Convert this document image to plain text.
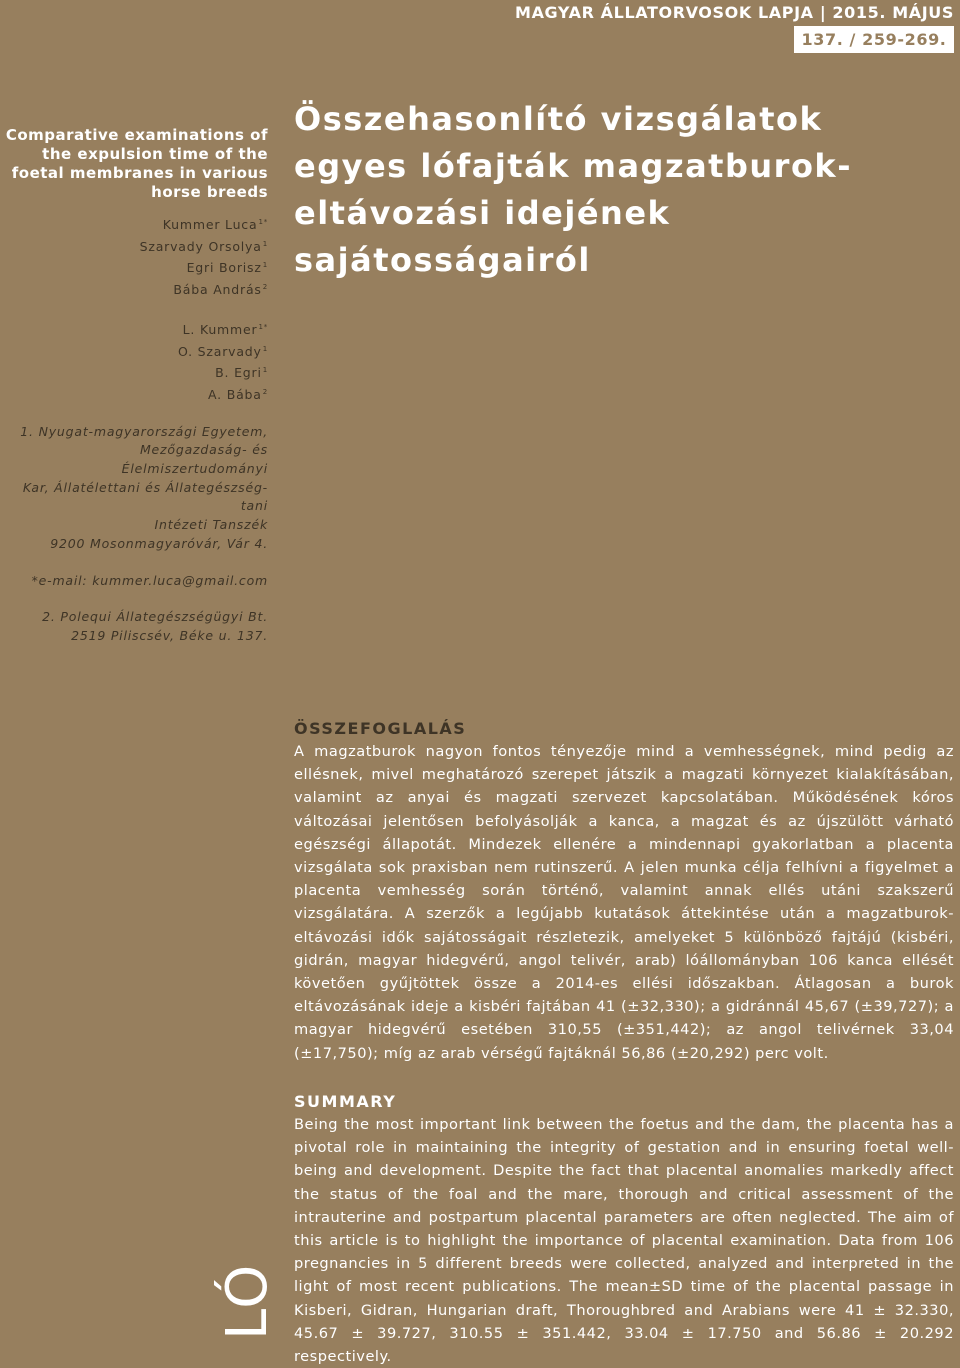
MAGYAR ÁLLATORVOSOK LAPJA | 2015. MÁJUS
137. / 259-269.
Comparative examinations of the expulsion time of the foetal membranes in various horse breeds
Kummer Luca$^{1*}$
Szarvady Orsolya$^1$
Egri Borisz$^1$
Bába András$^2$
L. Kummer$^{1*}$
O. Szarvady$^1$
B. Egri$^1$
A. Bába$^2$
1. Nyugat-magyarországi Egyetem,
Mezőgazdaság- és Élelmiszertudományi
Kar, Állatélettani és Állategészség-tani
Intézeti Tanszék
9200 Mosonmagyaróvár, Vár 4.
*e-mail: kummer.luca@gmail.com
2. Polequi Állategészségügyi Bt.
2519 Piliscsév, Béke u. 137.
Összehasonlító vizsgálatok egyes lófajták magzatburok-eltávozási idejének sajátosságairól
ÖSSZEFOGLALÁS
A magzatburok nagyon fontos tényezője mind a vemhességnek, mind pedig az ellésnek, mivel meghatározó szerepet játszik a magzati környezet kialakításában, valamint az anyai és magzati szervezet kapcsolatában. Működésének kóros változásai jelentősen befolyásolják a kanca, a magzat és az újszülött várható egészségi állapotát. Mindezek ellenére a mindennapi gyakorlatban a placenta vizsgálata sok praxisban nem rutinszerű. A jelen munka célja felhívni a figyelmet a placenta vemhesség során történő, valamint annak ellés utáni szakszerű vizsgálatára. A szerzők a legújabb kutatások áttekintése után a magzatburok-eltávozási idők sajátosságait részletezik, amelyeket 5 különböző fajtájú (kisbéri, gidrán, magyar hidegvérű, angol telivér, arab) lóállományban 106 kanca ellését követően gyűjtöttek össze a 2014-es ellési időszakban. Átlagosan a burok eltávozásának ideje a kisbéri fajtában 41 (±32,330); a gidránnál 45,67 (±39,727); a magyar hidegvérű esetében 310,55 (±351,442); az angol telivérnek 33,04 (±17,750); míg az arab vérségű fajtáknál 56,86 (±20,292) perc volt.
SUMMARY
Being the most important link between the foetus and the dam, the placenta has a pivotal role in maintaining the integrity of gestation and in ensuring foetal well-being and development. Despite the fact that placental anomalies markedly affect the status of the foal and the mare, thorough and critical assessment of the intrauterine and postpartum placental parameters are often neglected. The aim of this article is to highlight the importance of placental examination. Data from 106 pregnancies in 5 different breeds were collected, analyzed and interpreted in the light of most recent publications. The mean±SD time of the placental passage in Kisberi, Gidran, Hungarian draft, Thoroughbred and Arabians were 41 ± 32.330, 45.67 ± 39.727, 310.55 ± 351.442, 33.04 ± 17.750 and 56.86 ± 20.292 respectively.
LÓ
